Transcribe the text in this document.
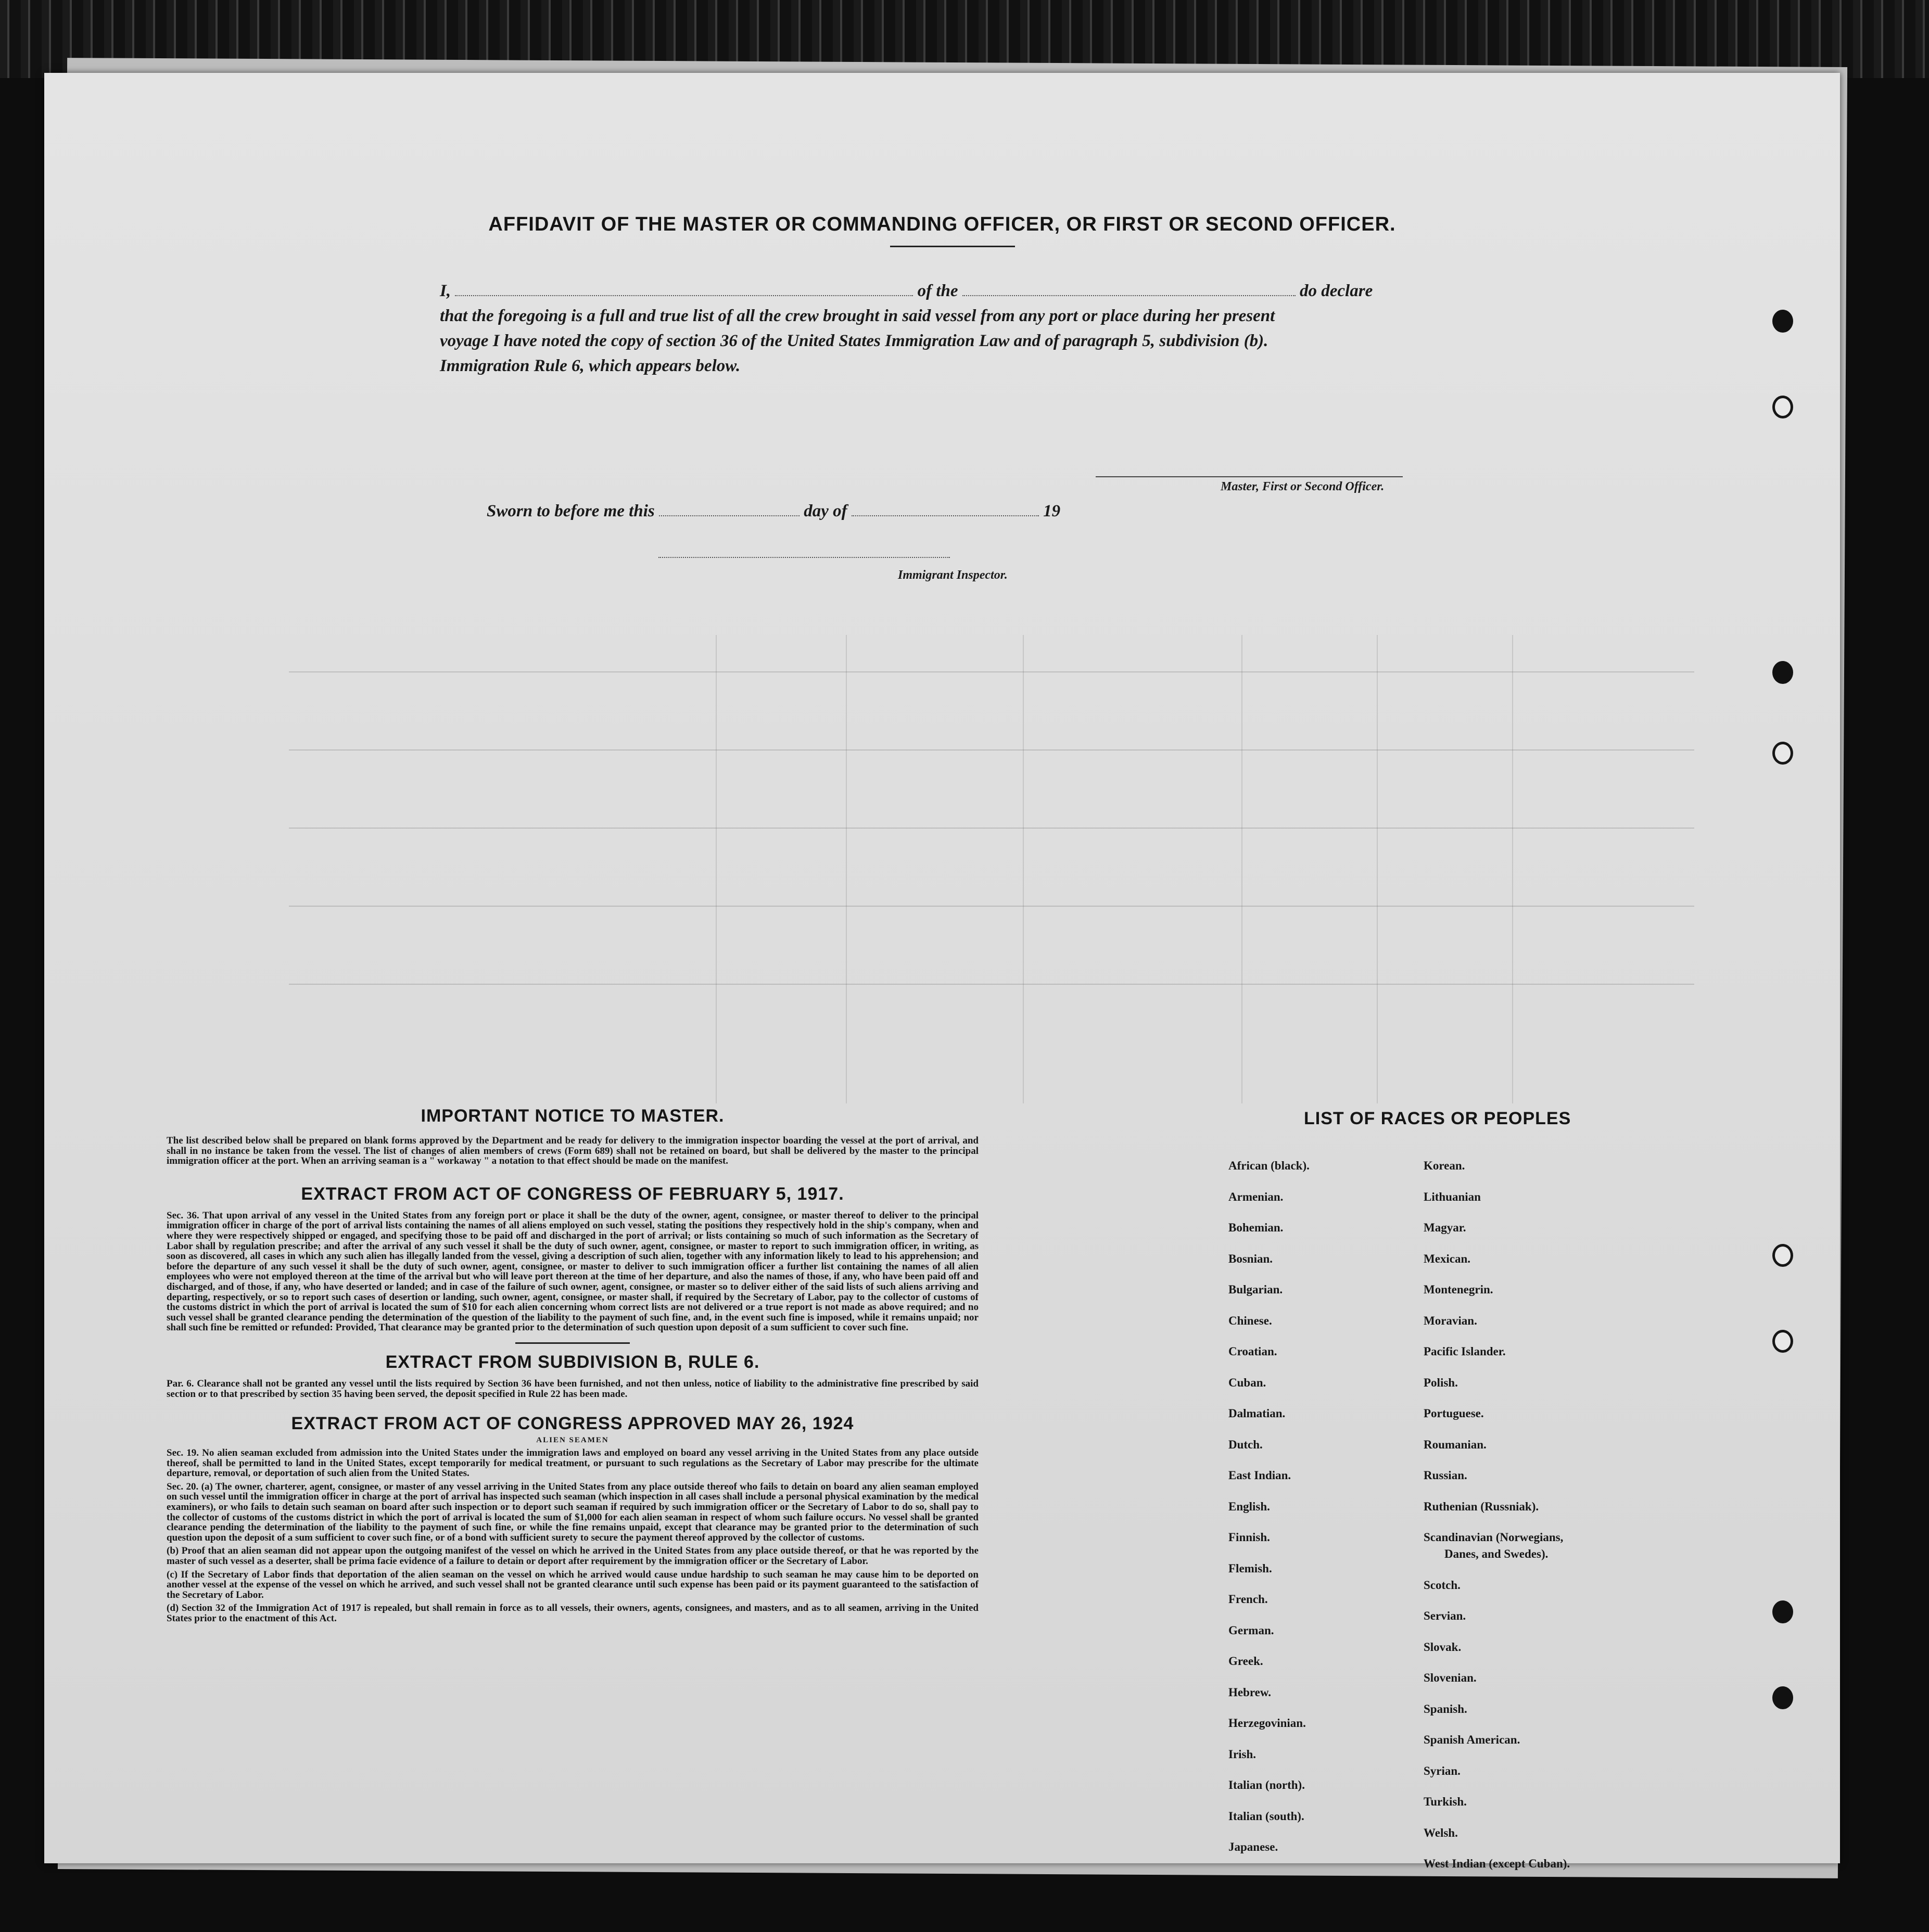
AFFIDAVIT OF THE MASTER OR COMMANDING OFFICER, OR FIRST OR SECOND OFFICER.
I,	of the	do declare
that the foregoing is a full and true list of all the crew brought in said vessel from any port or place during her present
voyage I have noted the copy of section 36 of the United States Immigration Law and of paragraph 5, subdivision (b).
Immigration Rule 6, which appears below.
Master, First or Second Officer.
Sworn to before me this	day of	19
Immigrant Inspector.
IMPORTANT NOTICE TO MASTER.

The list described below shall be prepared on blank forms approved by the Department and be ready for delivery to the immigration inspector boarding the vessel at the port of arrival, and shall in no instance be taken from the vessel. The list of changes of alien members of crews (Form 689) shall not be retained on board, but shall be delivered by the master to the principal immigration officer at the port. When an arriving seaman is a " workaway " a notation to that effect should be made on the manifest.

EXTRACT FROM ACT OF CONGRESS OF FEBRUARY 5, 1917.

Sec. 36. That upon arrival of any vessel in the United States from any foreign port or place it shall be the duty of the owner, agent, consignee, or master thereof to deliver to the principal immigration officer in charge of the port of arrival lists containing the names of all aliens employed on such vessel, stating the positions they respectively hold in the ship's company, when and where they were respectively shipped or engaged, and specifying those to be paid off and discharged in the port of arrival; or lists containing so much of such information as the Secretary of Labor shall by regulation prescribe; and after the arrival of any such vessel it shall be the duty of such owner, agent, consignee, or master to report to such immigration officer, in writing, as soon as discovered, all cases in which any such alien has illegally landed from the vessel, giving a description of such alien, together with any information likely to lead to his apprehension; and before the departure of any such vessel it shall be the duty of such owner, agent, consignee, or master to deliver to such immigration officer a further list containing the names of all alien employees who were not employed thereon at the time of the arrival but who will leave port thereon at the time of her departure, and also the names of those, if any, who have been paid off and discharged, and of those, if any, who have deserted or landed; and in case of the failure of such owner, agent, consignee, or master so to deliver either of the said lists of such aliens arriving and departing, respectively, or so to report such cases of desertion or landing, such owner, agent, consignee, or master shall, if required by the Secretary of Labor, pay to the collector of customs of the customs district in which the port of arrival is located the sum of $10 for each alien concerning whom correct lists are not delivered or a true report is not made as above required; and no such vessel shall be granted clearance pending the determination of the question of the liability to the payment of such fine, and, in the event such fine is imposed, while it remains unpaid; nor shall such fine be remitted or refunded: Provided, That clearance may be granted prior to the determination of such question upon deposit of a sum sufficient to cover such fine.

EXTRACT FROM SUBDIVISION B, RULE 6.

Par. 6. Clearance shall not be granted any vessel until the lists required by Section 36 have been furnished, and not then unless, notice of liability to the administrative fine prescribed by said section or to that prescribed by section 35 having been served, the deposit specified in Rule 22 has been made.

EXTRACT FROM ACT OF CONGRESS APPROVED MAY 26, 1924
ALIEN SEAMEN

Sec. 19. No alien seaman excluded from admission into the United States under the immigration laws and employed on board any vessel arriving in the United States from any place outside thereof, shall be permitted to land in the United States, except temporarily for medical treatment, or pursuant to such regulations as the Secretary of Labor may prescribe for the ultimate departure, removal, or deportation of such alien from the United States.

Sec. 20. (a) The owner, charterer, agent, consignee, or master of any vessel arriving in the United States from any place outside thereof who fails to detain on board any alien seaman employed on such vessel until the immigration officer in charge at the port of arrival has inspected such seaman (which inspection in all cases shall include a personal physical examination by the medical examiners), or who fails to detain such seaman on board after such inspection or to deport such seaman if required by such immigration officer or the Secretary of Labor to do so, shall pay to the collector of customs of the customs district in which the port of arrival is located the sum of $1,000 for each alien seaman in respect of whom such failure occurs. No vessel shall be granted clearance pending the determination of the liability to the payment of such fine, or while the fine remains unpaid, except that clearance may be granted prior to the determination of such question upon the deposit of a sum sufficient to cover such fine, or of a bond with sufficient surety to secure the payment thereof approved by the collector of customs.

(b) Proof that an alien seaman did not appear upon the outgoing manifest of the vessel on which he arrived in the United States from any place outside thereof, or that he was reported by the master of such vessel as a deserter, shall be prima facie evidence of a failure to detain or deport after requirement by the immigration officer or the Secretary of Labor.

(c) If the Secretary of Labor finds that deportation of the alien seaman on the vessel on which he arrived would cause undue hardship to such seaman he may cause him to be deported on another vessel at the expense of the vessel on which he arrived, and such vessel shall not be granted clearance until such expense has been paid or its payment guaranteed to the satisfaction of the Secretary of Labor.

(d) Section 32 of the Immigration Act of 1917 is repealed, but shall remain in force as to all vessels, their owners, agents, consignees, and masters, and as to all seamen, arriving in the United States prior to the enactment of this Act.

LIST OF RACES OR PEOPLES
African (black).
Armenian.
Bohemian.
Bosnian.
Bulgarian.
Chinese.
Croatian.
Cuban.
Dalmatian.
Dutch.
East Indian.
English.
Finnish.
Flemish.
French.
German.
Greek.
Hebrew.
Herzegovinian.
Irish.
Italian (north).
Italian (south).
Japanese.
Korean.
Lithuanian
Magyar.
Mexican.
Montenegrin.
Moravian.
Pacific Islander.
Polish.
Portuguese.
Roumanian.
Russian.
Ruthenian (Russniak).
Scandinavian (Norwegians,
Danes, and Swedes).
Scotch.
Servian.
Slovak.
Slovenian.
Spanish.
Spanish American.
Syrian.
Turkish.
Welsh.
West Indian (except Cuban).
